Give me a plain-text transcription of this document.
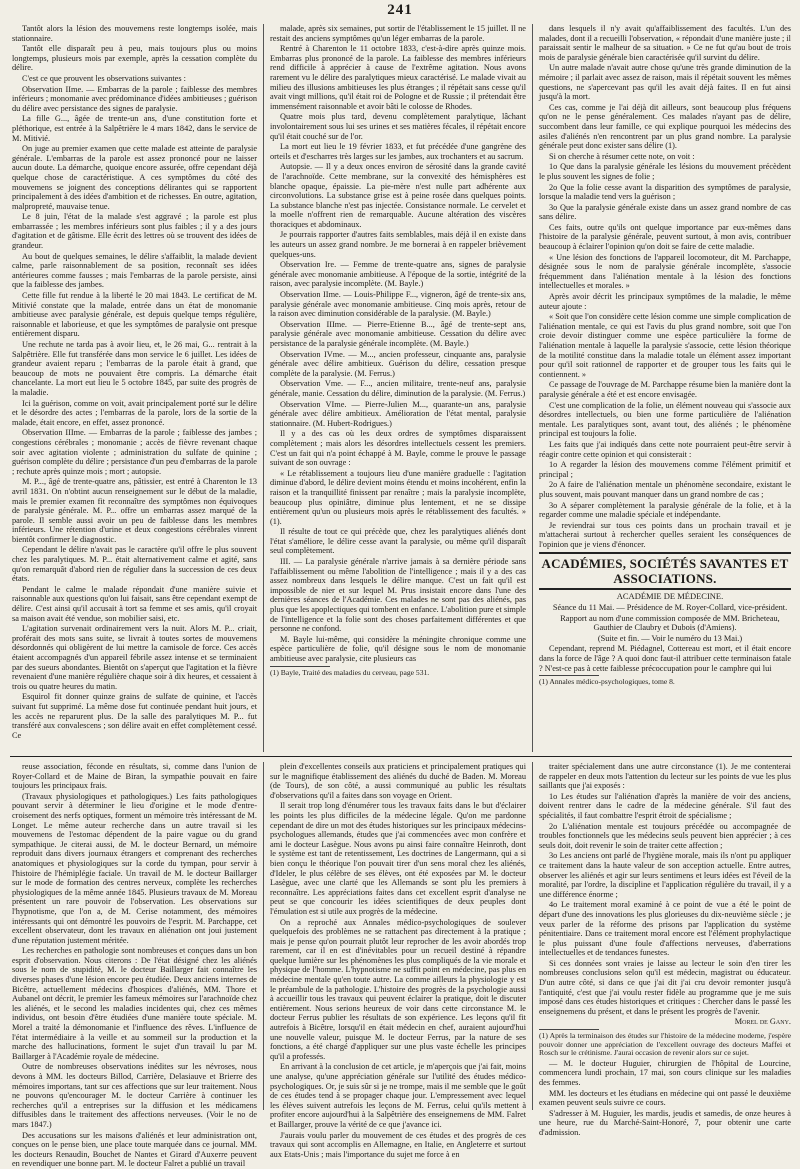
241

Tantôt alors la lésion des mouvemens reste longtemps isolée, mais stationnaire.

Tantôt elle disparaît peu à peu, mais toujours plus ou moins longtemps, plusieurs mois par exemple, après la cessation complète du délire.

C'est ce que prouvent les observations suivantes :

Observation IIme. — Embarras de la parole ; faiblesse des membres inférieurs ; monomanie avec prédominance d'idées ambitieuses ; guérison du délire avec persistance des signes de paralysie.

La fille G..., âgée de trente-un ans, d'une constitution forte et pléthorique, est entrée à la Salpêtrière le 4 mars 1842, dans le service de M. Mitivié.

On juge au premier examen que cette malade est atteinte de paralysie générale. L'embarras de la parole est assez prononcé pour ne laisser aucun doute. La démarche, quoique encore assurée, offre cependant déjà quelque chose de caractéristique. A ces symptômes du côté des mouvemens se joignent des conceptions délirantes qui se rapportent principalement à des idées d'ambition et de richesses. En outre, agitation, malpropreté, mauvaise tenue.

Le 8 juin, l'état de la malade s'est aggravé ; la parole est plus embarrassée ; les membres inférieurs sont plus faibles ; il y a des jours d'agitation et de gâtisme. Elle écrit des lettres où se trouvent des idées de grandeur.

Au bout de quelques semaines, le délire s'affaiblit, la malade devient calme, parle raisonnablement de sa position, reconnaît ses idées antérieures comme fausses ; mais l'embarras de la parole persiste, ainsi que la faiblesse des jambes.

Cette fille fut rendue à la liberté le 20 mai 1843. Le certificat de M. Mitivié constate que la malade, entrée dans un état de monomanie ambitieuse avec paralysie générale, est depuis quelque temps régulière, raisonnable et laborieuse, et que les symptômes de paralysie ont presque entièrement disparu.

Une rechute ne tarda pas à avoir lieu, et, le 26 mai, G... rentrait à la Salpêtrière. Elle fut transférée dans mon service le 6 juillet. Les idées de grandeur avaient reparu ; l'embarras de la parole était à grand, que beaucoup de mots ne pouvaient être compris. La démarche était chancelante. La mort eut lieu le 5 octobre 1845, par suite des progrès de la maladie.

Ici la guérison, comme on voit, avait principalement porté sur le délire et le désordre des actes ; l'embarras de la parole, lors de la sortie de la malade, était encore, en effet, assez prononcé.

Observation IIIme. — Embarras de la parole ; faiblesse des jambes ; congestions cérébrales ; monomanie ; accès de fièvre revenant chaque soir avec agitation violente ; administration du sulfate de quinine ; guérison complète du délire ; persistance d'un peu d'embarras de la parole ; rechute après quinze mois ; mort ; autopsie.

M. P..., âgé de trente-quatre ans, pâtissier, est entré à Charenton le 13 avril 1831. On n'obtint aucun renseignement sur le début de la maladie, mais le premier examen fit reconnaître des symptômes non équivoques de paralysie générale. M. P... offre un embarras assez marqué de la parole. Il semble aussi avoir un peu de faiblesse dans les membres inférieurs. Une rétention d'urine et deux congestions cérébrales vinrent bientôt confirmer le diagnostic.

Cependant le délire n'avait pas le caractère qu'il offre le plus souvent chez les paralytiques. M. P... était alternativement calme et agité, sans qu'on remarquât d'abord rien de régulier dans la succession de ces deux états.

Pendant le calme le malade répondait d'une manière suivie et raisonnable aux questions qu'on lui faisait, sans être cependant exempt de délire. C'est ainsi qu'il accusait à tort sa femme et ses amis, qu'il croyait sa maison avait été vendue, son mobilier saisi, etc.

L'agitation survenait ordinairement vers la nuit. Alors M. P... criait, proférait des mots sans suite, se livrait à toutes sortes de mouvemens désordonnés qui obligèrent de lui mettre la camisole de force. Ces accès étaient accompagnés d'un appareil fébrile assez intense et se terminaient par des sueurs abondantes. Bientôt on s'aperçut que l'agitation et la fièvre revenaient d'une manière régulière chaque soir à dix heures, et cessaient à trois ou quatre heures du matin.

Esquirol fit donner quinze grains de sulfate de quinine, et l'accès suivant fut supprimé. La même dose fut continuée pendant huit jours, et les accès ne reparurent plus. De la salle des paralytiques M. P... fut transféré aux convalescens ; son délire avait en effet complètement cessé. Ce

malade, après six semaines, put sortir de l'établissement le 15 juillet. Il ne restait des anciens symptômes qu'un léger embarras de la parole.

Rentré à Charenton le 11 octobre 1833, c'est-à-dire après quinze mois. Embarras plus prononcé de la parole. La faiblesse des membres inférieurs rend difficile à apprécier à cause de l'extrême agitation. Nous avons rarement vu le délire des paralytiques mieux caractérisé. Le malade vivait au milieu des illusions ambitieuses les plus étranges ; il répétait sans cesse qu'il avait vingt millions, qu'il était roi de Pologne et de Russie ; il prétendait être immensément raisonnable et avoir bâti le colosse de Rhodes.

Quatre mois plus tard, devenu complètement paralytique, lâchant involontairement sous lui ses urines et ses matières fécales, il répétait encore qu'il était couché sur de l'or.

La mort eut lieu le 19 février 1833, et fut précédée d'une gangrène des orteils et d'escharres très larges sur les jambes, aux trochanters et au sacrum.

Autopsie. — Il y a deux onces environ de sérosité dans la grande cavité de l'arachnoïde. Cette membrane, sur la convexité des hémisphères est blanche opaque, épaissie. La pie-mère n'est nulle part adhérente aux circonvolutions. La substance grise est à peine rosée dans quelques points. La substance blanche n'est pas injectée. Consistance normale. Le cervelet et la moelle n'offrent rien de remarquable. Aucune altération des viscères thoraciques et abdominaux.

Je pourrais rapporter d'autres faits semblables, mais déjà il en existe dans les auteurs un assez grand nombre. Je me bornerai à en rappeler brièvement quelques-uns.

Observation Ire. — Femme de trente-quatre ans, signes de paralysie générale avec monomanie ambitieuse. A l'époque de la sortie, intégrité de la raison, avec paralysie incomplète. (M. Bayle.)

Observation IIme. — Louis-Philippe F..., vigneron, âgé de trente-six ans, paralysie générale avec monomanie ambitieuse. Cinq mois après, retour de la raison avec diminution considérable de la paralysie. (M. Bayle.)

Observation IIIme. — Pierre-Etienne B..., âgé de trente-sept ans, paralysie générale avec monomanie ambitieuse. Cessation du délire avec persistance de la paralysie générale incomplète. (M. Bayle.)

Observation IVme. — M..., ancien professeur, cinquante ans, paralysie générale avec délire ambitieux. Guérison du délire, cessation presque complète de la paralysie. (M. Ferrus.)

Observation Vme. — F..., ancien militaire, trente-neuf ans, paralysie générale, manie. Cessation du délire, diminution de la paralysie. (M. Ferrus.)

Observation VIme. — Pierre-Julien M..., quarante-un ans, paralysie générale avec délire ambitieux. Amélioration de l'état mental, paralysie stationnaire. (M. Hubert-Rodrigues.)

Il y a des cas où les deux ordres de symptômes disparaissent complètement ; mais alors les désordres intellectuels cessent les premiers. C'est un fait qui n'a point échappé à M. Bayle, comme le prouve le passage suivant de son ouvrage :

« Le rétablissement a toujours lieu d'une manière graduelle : l'agitation diminue d'abord, le délire devient moins étendu et moins incohérent, enfin la raison et la tranquillité finissent par renaître ; mais la paralysie incomplète, beaucoup plus opiniâtre, diminue plus lentement, et ne se dissipe entièrement qu'un ou plusieurs mois après le rétablissement des facultés. » (1).

Il résulte de tout ce qui précède que, chez les paralytiques aliénés dont l'état s'améliore, le délire cesse avant la paralysie, ou même qu'il disparaît seul complètement.

III. — La paralysie générale n'arrive jamais à sa dernière période sans l'affaiblissement ou même l'abolition de l'intelligence ; mais il y a des cas assez nombreux dans lesquels le délire manque. C'est un fait qu'il est impossible de nier et sur lequel M. Prus insistait encore dans l'une des dernières séances de l'Académie. Ces malades ne sont pas des aliénés, pas plus que les apoplectiques qui tombent en enfance. L'abolition pure et simple de l'intelligence et la folie sont des choses parfaitement différentes et que personne ne confond.

M. Bayle lui-même, qui considère la méningite chronique comme une espèce particulière de folie, qu'il désigne sous le nom de monomanie ambitieuse avec paralysie, cite plusieurs cas

(1) Bayle, Traité des maladies du cerveau, page 531.

dans lesquels il n'y avait qu'affaiblissement des facultés. L'un des malades, dont il a recueilli l'observation, « répondait d'une manière juste ; il paraissait sentir le malheur de sa situation. » Ce ne fut qu'au bout de trois mois de paralysie générale bien caractérisée qu'il survint du délire.

Un autre malade n'avait autre chose qu'une très grande diminution de la mémoire ; il parlait avec assez de raison, mais il répétait souvent les mêmes questions, ne s'apercevant pas qu'il les avait déjà faites. Il en fut ainsi jusqu'à la mort.

Ces cas, comme je l'ai déjà dit ailleurs, sont beaucoup plus fréquens qu'on ne le pense généralement. Ces malades n'ayant pas de délire, succombent dans leur famille, ce qui explique pourquoi les médecins des asiles d'aliénés n'en rencontrent par un plus grand nombre. La paralysie générale peut donc exister sans délire (1).

Si on cherche à résumer cette note, on voit :

1o Que dans la paralysie générale les lésions du mouvement précèdent le plus souvent les signes de folie ;

2o Que la folie cesse avant la disparition des symptômes de paralysie, lorsque la maladie tend vers la guérison ;

3o Que la paralysie générale existe dans un assez grand nombre de cas sans délire.

Ces faits, outre qu'ils ont quelque importance par eux-mêmes dans l'histoire de la paralysie générale, peuvent surtout, à mon avis, contribuer beaucoup à éclairer l'opinion qu'on doit se faire de cette maladie.

« Une lésion des fonctions de l'appareil locomoteur, dit M. Parchappe, désignée sous le nom de paralysie générale incomplète, s'associe fréquemment dans l'aliénation mentale à la lésion des fonctions intellectuelles et morales. »

Après avoir décrit les principaux symptômes de la maladie, le même auteur ajoute :

« Soit que l'on considère cette lésion comme une simple complication de l'aliénation mentale, ce qui est l'avis du plus grand nombre, soit que l'on croie devoir distinguer comme une espèce particulière la forme de l'aliénation mentale à laquelle la paralysie s'associe, cette lésion théorique de la motilité constitue dans la maladie totale un élément assez important pour qu'il soit rationnel de rapporter et de grouper tous les faits qui le contiennent. »

Ce passage de l'ouvrage de M. Parchappe résume bien la manière dont la paralysie générale a été et est encore envisagée.

C'est une complication de la folie, un élément nouveau qui s'associe aux désordres intellectuels, ou bien une forme particulière de l'aliénation mentale. Les paralytiques sont, avant tout, des aliénés ; le phénomène principal est toujours la folie.

Les faits que j'ai indiqués dans cette note pourraient peut-être servir à réagir contre cette opinion et qui consisterait :

1o A regarder la lésion des mouvemens comme l'élément primitif et principal ;

2o A faire de l'aliénation mentale un phénomène secondaire, existant le plus souvent, mais pouvant manquer dans un grand nombre de cas ;

3o A séparer complètement la paralysie générale de la folie, et à la regarder comme une maladie spéciale et indépendante.

Je reviendrai sur tous ces points dans un prochain travail et je m'attacherai surtout à rechercher quelles seraient les conséquences de l'opinion que je viens d'énoncer.

ACADÉMIES, SOCIÉTÉS SAVANTES ET ASSOCIATIONS.

ACADÉMIE DE MÉDECINE.

Séance du 11 Mai. — Présidence de M. Royer-Collard, vice-président.

Rapport au nom d'une commission composée de MM. Bricheteau, Gauthier de Claubry et Dubois (d'Amiens).

(Suite et fin. — Voir le numéro du 13 Mai.)

Cependant, reprend M. Piédagnel, Cottereau est mort, et il était encore dans la force de l'âge ? A quoi donc faut-il attribuer cette terminaison fatale ? N'est-ce pas à cette faiblesse précoccupation pour le camphre qui lui

(1) Annales médico-psychologiques, tome 8.

reuse association, féconde en résultats, si, comme dans l'union de Royer-Collard et de Maine de Biran, la sympathie pouvait en faire toujours les principaux frais.

(Travaux physiologiques et pathologiques.) Les faits pathologiques pouvant servir à déterminer le lieu d'origine et le mode d'entre-croisement des nerfs optiques, forment un mémoire très intéressant de M. Longet. Le même auteur recherche dans un autre travail si les mouvemens de l'estomac dépendent de la paire vague ou du grand sympathique. Je citerai aussi, de M. le docteur Bernard, un mémoire reproduit dans divers journaux étrangers et comprenant des recherches anatomiques et physiologiques sur la corde du tympan, pour servir à l'histoire de l'hémiplégie faciale. Un travail de M. le docteur Baillarger sur le mode de formation des centres nerveux, complète les recherches physiologiques de la même année 1845. Plusieurs travaux de M. Moreau présentent un rare pouvoir de l'observation. Les observations sur l'hypnotisme, que l'on a, de M. Cerise notamment, des mémoires intéressants qui ont démontré les pouvoirs de l'esprit. M. Parchappe, cet excellent observateur, dont les travaux en aliénation ont joui justement d'une réputation justement méritée.

Les recherches en pathologie sont nombreuses et conçues dans un bon esprit d'observation. Nous citerons : De l'état désigné chez les aliénés sous le nom de stupidité, M. le docteur Baillarger fait connaître les diverses phases d'une lésion encore peu étudiée. Deux anciens internes de Bicêtre, actuellement médecins d'hospices d'aliénés, MM. Thore et Aubanel ont décrit, le premier les fameux mémoires sur l'arachnoïde chez les aliénés, et le second les maladies incidentes qui, chez ces mêmes individus, ont besoin d'être étudiées d'une manière toute spéciale. M. Morel a traité la démonomanie et l'influence des rêves. L'influence de l'état intermédiaire à la veille et au sommeil sur la production et la marche des hallucinations, forment le sujet d'un travail lu par M. Baillarger à l'Académie royale de médecine.

Outre de nombreuses observations inédites sur les névroses, nous devons à MM. les docteurs Billod, Carrière, Delasiauve et Brierre des mémoires importans, tant sur ces affections que sur leur traitement. Nous ne pouvons qu'encourager M. le docteur Carrière à continuer les recherches qu'il a entreprises sur la diffusion et les médicamens diffusibles dans le traitement des affections nerveuses. (Voir le no de mars 1847.)

Des accusations sur les maisons d'aliénés et leur administration ont, conçues on le pense bien, une place toute marquée dans ce journal. MM. les docteurs Renaudin, Bouchet de Nantes et Girard d'Auxerre peuvent en revendiquer une bonne part. M. le docteur Falret a publié un travail

plein d'excellentes conseils aux praticiens et principalement pratiques qui sur le magnifique établissement des aliénés du duché de Baden. M. Moreau (de Tours), de son côté, a aussi communiqué au public les résultats d'observations qu'il a faites dans son voyage en Orient.

Il serait trop long d'énumérer tous les travaux faits dans le but d'éclairer les points les plus difficiles de la médecine légale. Qu'on me pardonne cependant de dire un mot des études historiques sur les principaux médecins-psychologues allemands, études que j'ai commencées avec mon confrère et ami le docteur Lasègue. Nous avons pu ainsi faire connaître Heinroth, dont le système est tant de retentissement, Les doctrines de Langermann, qui a si bien conçu le théorique l'on pouvait tirer d'un sens moral chez les aliénés, d'Ideler, le plus célèbre de ses élèves, ont été exposées par M. le docteur Lasègue, avec une clarté que les Allemands se sont plu les premiers à reconnaître. Les appréciations faites dans cet excellent esprit d'analyse ne peut se que concourir les idées scientifiques de deux peuples dont l'émulation est si utile aux progrès de la médecine.

On a reproché aux Annales médico-psychologiques de soulever quelquefois des problèmes ne se rattachent pas directement à la pratique ; mais je pense qu'on pourrait plutôt leur reprocher de les avoir abordés trop rarement, car il en est d'inévitables pour un recueil destiné à répandre quelque lumière sur les phénomènes les plus compliqués de la vie morale et physique de l'homme. L'hypnotisme ne suffit point en médecine, pas plus en médecine mentale qu'en toute autre. La comme ailleurs la physiologie y est le préambule de la pathologie. L'histoire des progrès de la psychologie aussi à accueillir tous les travaux qui peuvent éclairer la pratique, doit le discuter entièrement. Nous serions heureux de voir dans cette circonstance M. le docteur Ferrus publier les résultats de son expérience. Les leçons qu'il fit autrefois à Bicêtre, lorsqu'il en était médecin en chef, auraient aujourd'hui une nouvelle valeur, puisque M. le docteur Ferrus, par la nature de ses fonctions, a été chargé d'appliquer sur une plus vaste échelle les principes qu'il a professés.

En arrivant à la conclusion de cet article, je m'aperçois que j'ai fait, moins une analyse, qu'une appréciation générale sur l'utilité des études médico-psychologiques. Or, je suis sûr si je ne trompe, mais il me semble que le goût de ces études tend à se propager chaque jour. L'empressement avec lequel les élèves suivent autrefois les leçons de M. Ferrus, celui qu'ils mettent à profiter encore aujourd'hui à la Salpêtrière des enseignemens de MM. Falret et Baillarger, prouve la vérité de ce que j'avance ici.

J'aurais voulu parler du mouvement de ces études et des progrès de ces travaux qui sont accomplis en Allemagne, en Italie, en Angleterre et surtout aux Etats-Unis ; mais l'importance du sujet me force à en

traiter spécialement dans une autre circonstance (1). Je me contenterai de rappeler en deux mots l'attention du lecteur sur les points de vue les plus saillants que j'ai exposés :

1o Les études sur l'aliénation d'après la manière de voir des anciens, doivent rentrer dans le cadre de la médecine générale. S'il faut des spécialités, il faut combattre l'esprit étroit de spécialisme ;

2o L'aliénation mentale est toujours précédée ou accompagnée de troubles fonctionnels que les médecins seuls peuvent bien apprécier ; à ces seuls doit, doit revenir le soin de traiter cette affection ;

3o Les anciens ont parlé de l'hygiène morale, mais ils n'ont pu appliquer ce traitement dans la haute valeur de son acception actuelle. Entre autres, observer les aliénés et agir sur leurs sentimens et leurs idées est l'éveil de la moralité, par l'ordre, la discipline et l'application régulière du travail, il y a une différence énorme ;

4o Le traitement moral examiné à ce point de vue a été le point de départ d'une des innovations les plus glorieuses du dix-neuvième siècle ; je veux parler de la réforme des prisons par l'application du système pénitentiaire. Dans ce traitement moral encore est l'élément prophylactique le plus puissant d'une foule d'affections nerveuses, d'aberrations intellectuelles et de tendances funestes.

Si ces données sont vraies je laisse au lecteur le soin d'en tirer les nombreuses conclusions selon qu'il est médecin, magistrat ou éducateur. D'un autre côté, si dans ce que j'ai dit j'ai cru devoir remonter jusqu'à l'antiquité, c'est que j'ai voulu rester fidèle au programme que je me suis imposé dans ces études historiques et critiques : Chercher dans le passé les enseignemens du présent, et dans le présent les progrès de l'avenir.

Morel de Gany.

(1) Après la terminaison des études sur l'histoire de la médecine moderne, j'espère pouvoir donner une appréciation de l'excellent ouvrage des docteurs Maffei et Rosch sur le crétinisme. J'aurai occasion de revenir alors sur ce sujet.

— M. le docteur Huguier, chirurgien de l'hôpital de Lourcine, commencera lundi prochain, 17 mai, son cours clinique sur les maladies des femmes.

MM. les docteurs et les étudians en médecine qui ont passé le deuxième examen peuvent seuls suivre ce cours.

S'adresser à M. Huguier, les mardis, jeudis et samedis, de onze heures à une heure, rue du Marché-Saint-Honoré, 7, pour obtenir une carte d'admission.
